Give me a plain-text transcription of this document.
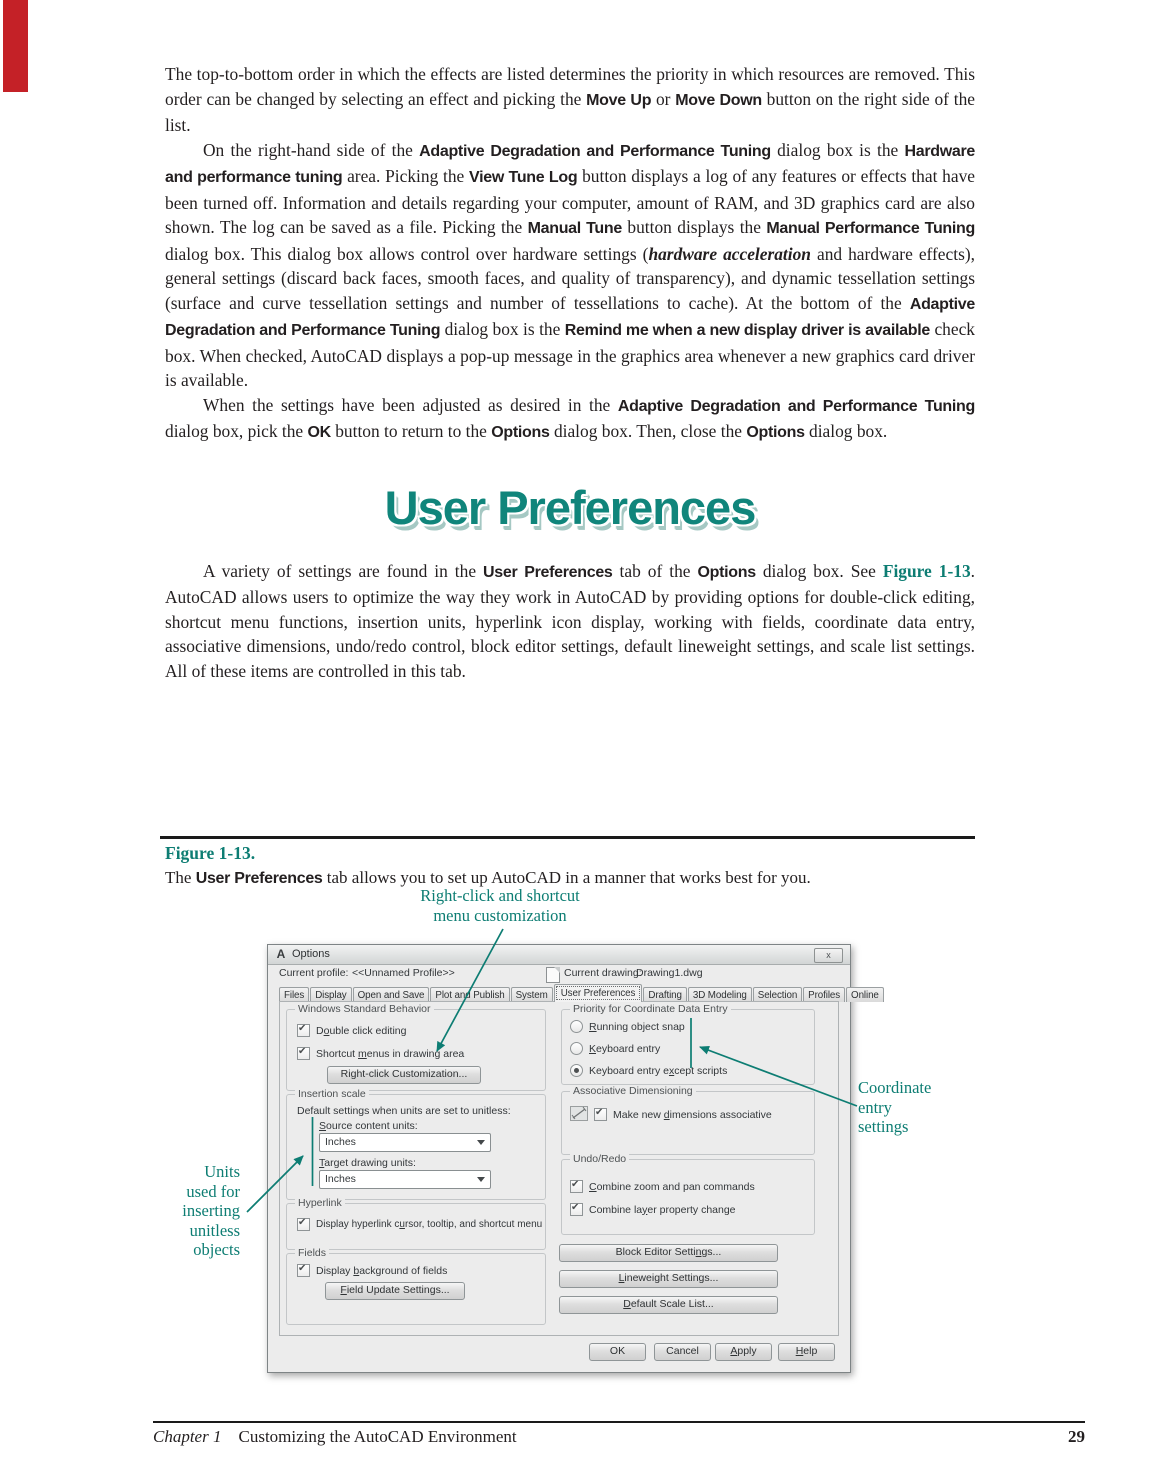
The top-to-bottom order in which the effects are listed determines the priority in which resources are removed. This order can be changed by selecting an effect and picking the Move Up or Move Down button on the right side of the list.

On the right-hand side of the Adaptive Degradation and Performance Tuning dialog box is the Hardware and performance tuning area. Picking the View Tune Log button displays a log of any features or effects that have been turned off. Information and details regarding your computer, amount of RAM, and 3D graphics card are also shown. The log can be saved as a file. Picking the Manual Tune button displays the Manual Performance Tuning dialog box. This dialog box allows control over hardware settings (hardware acceleration and hardware effects), general settings (discard back faces, smooth faces, and quality of transparency), and dynamic tessellation settings (surface and curve tessellation settings and number of tessellations to cache). At the bottom of the Adaptive Degradation and Performance Tuning dialog box is the Remind me when a new display driver is available check box. When checked, AutoCAD displays a pop-up message in the graphics area whenever a new graphics card driver is available.

When the settings have been adjusted as desired in the Adaptive Degradation and Performance Tuning dialog box, pick the OK button to return to the Options dialog box. Then, close the Options dialog box.

User Preferences

A variety of settings are found in the User Preferences tab of the Options dialog box. See Figure 1-13. AutoCAD allows users to optimize the way they work in AutoCAD by providing options for double-click editing, shortcut menu functions, insertion units, hyperlink icon display, working with fields, coordinate data entry, associative dimensions, undo/redo control, block editor settings, default lineweight settings, and scale list settings. All of these items are controlled in this tab.

Figure 1-13.
The User Preferences tab allows you to set up AutoCAD in a manner that works best for you.
Right-click and shortcut
menu customization
Units
used for
inserting
unitless
objects
Coordinate
entry
settings
A Options	x
Current profile: <<Unnamed Profile>>	Current drawing:
Drawing1.dwg
Files	Display	Open and Save	Plot and Publish	System	User Preferences	Drafting	3D Modeling	Selection	Profiles	Online
Windows Standard Behavior
✔
Double click editing
✔
Shortcut menus in drawing area
Right-click Customization...
Insertion scale
Default settings when units are set to unitless:
Source content units:
Inches
Target drawing units:
Inches
Hyperlink
✔
Display hyperlink cursor, tooltip, and shortcut menu
Fields
✔
Display background of fields
Field Update Settings...
Priority for Coordinate Data Entry
Running object snap
Keyboard entry
Keyboard entry except scripts
Associative Dimensioning
✔
Make new dimensions associative
Undo/Redo
✔
Combine zoom and pan commands
✔
Combine layer property change
Block Editor Settings...
Lineweight Settings...
Default Scale List...
OK	Cancel	Apply	Help
Chapter 1 Customizing the AutoCAD Environment	29
